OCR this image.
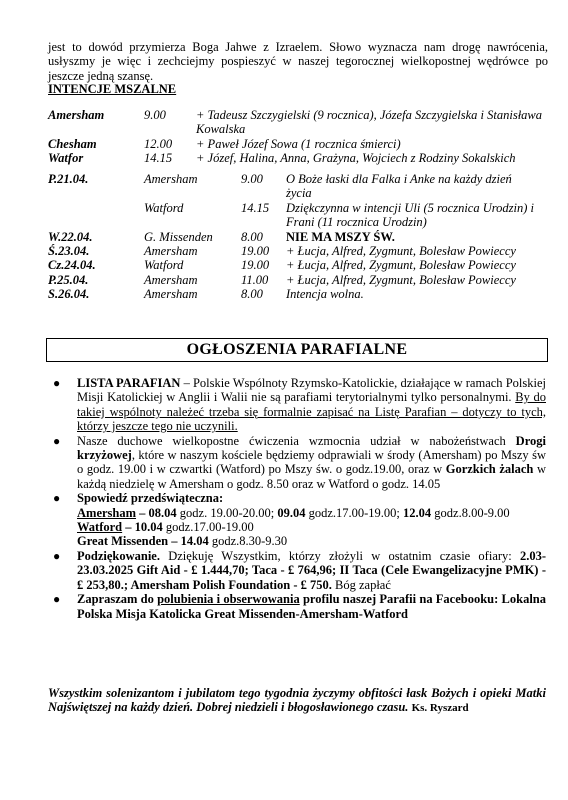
jest to dowód przymierza Boga Jahwe z Izraelem. Słowo wyznacza nam drogę nawrócenia, usłyszmy je więc i zechciejmy pospieszyć w naszej tegorocznej wielkopostnej wędrówce po jeszcze jedną szansę.
INTENCJE MSZALNE
Amersham	9.00	+ Tadeusz Szczygielski (9 rocznica), Józefa Szczygielska i Stanisława Kowalska
Chesham	12.00	+ Paweł Józef Sowa (1 rocznica śmierci)
Watfor	14.15	+ Józef, Halina, Anna, Grażyna, Wojciech z Rodziny Sokalskich
P.21.04.	Amersham	9.00	O Boże łaski dla Falka i Anke na każdy dzień życia
	Watford	14.15	Dziękczynna w intencji Uli (5 rocznica Urodzin) i Frani (11 rocznica Urodzin)
W.22.04.	G. Missenden	8.00	NIE MA MSZY ŚW.
Ś.23.04.	Amersham	19.00	+ Łucja, Alfred, Zygmunt, Bolesław Powieccy
Cz.24.04.	Watford	19.00	+ Łucja, Alfred, Zygmunt, Bolesław Powieccy
P.25.04.	Amersham	11.00	+ Łucja, Alfred, Zygmunt, Bolesław Powieccy
S.26.04.	Amersham	8.00	Intencja wolna.
OGŁOSZENIA PARAFIALNE
● LISTA PARAFIAN – Polskie Wspólnoty Rzymsko-Katolickie, działające w ramach Polskiej Misji Katolickiej w Anglii i Walii nie są parafiami terytorialnymi tylko personalnymi. By do takiej wspólnoty należeć trzeba się formalnie zapisać na Listę Parafian – dotyczy to tych, którzy jeszcze tego nie uczynili.
● Nasze duchowe wielkopostne ćwiczenia wzmocnia udział w nabożeństwach Drogi krzyżowej, które w naszym kościele będziemy odprawiali w środy (Amersham) po Mszy św o godz. 19.00 i w czwartki (Watford) po Mszy św. o godz.19.00, oraz w Gorzkich żalach w każdą niedzielę w Amersham o godz. 8.50 oraz w Watford o godz. 14.05
● Spowiedź przedświąteczna:
Amersham – 08.04 godz. 19.00-20.00; 09.04 godz.17.00-19.00; 12.04 godz.8.00-9.00
Watford – 10.04 godz.17.00-19.00
Great Missenden – 14.04 godz.8.30-9.30
● Podziękowanie. Dziękuję Wszystkim, którzy złożyli w ostatnim czasie ofiary: 2.03-23.03.2025 Gift Aid - £ 1.444,70; Taca - £ 764,96; II Taca (Cele Ewangelizacyjne PMK) - £ 253,80.; Amersham Polish Foundation - £ 750. Bóg zapłać
● Zapraszam do polubienia i obserwowania profilu naszej Parafii na Facebooku: Lokalna Polska Misja Katolicka Great Missenden-Amersham-Watford
Wszystkim solenizantom i jubilatom tego tygodnia życzymy obfitości łask Bożych i opieki Matki Najświętszej na każdy dzień. Dobrej niedzieli i błogosławionego czasu. Ks. Ryszard
